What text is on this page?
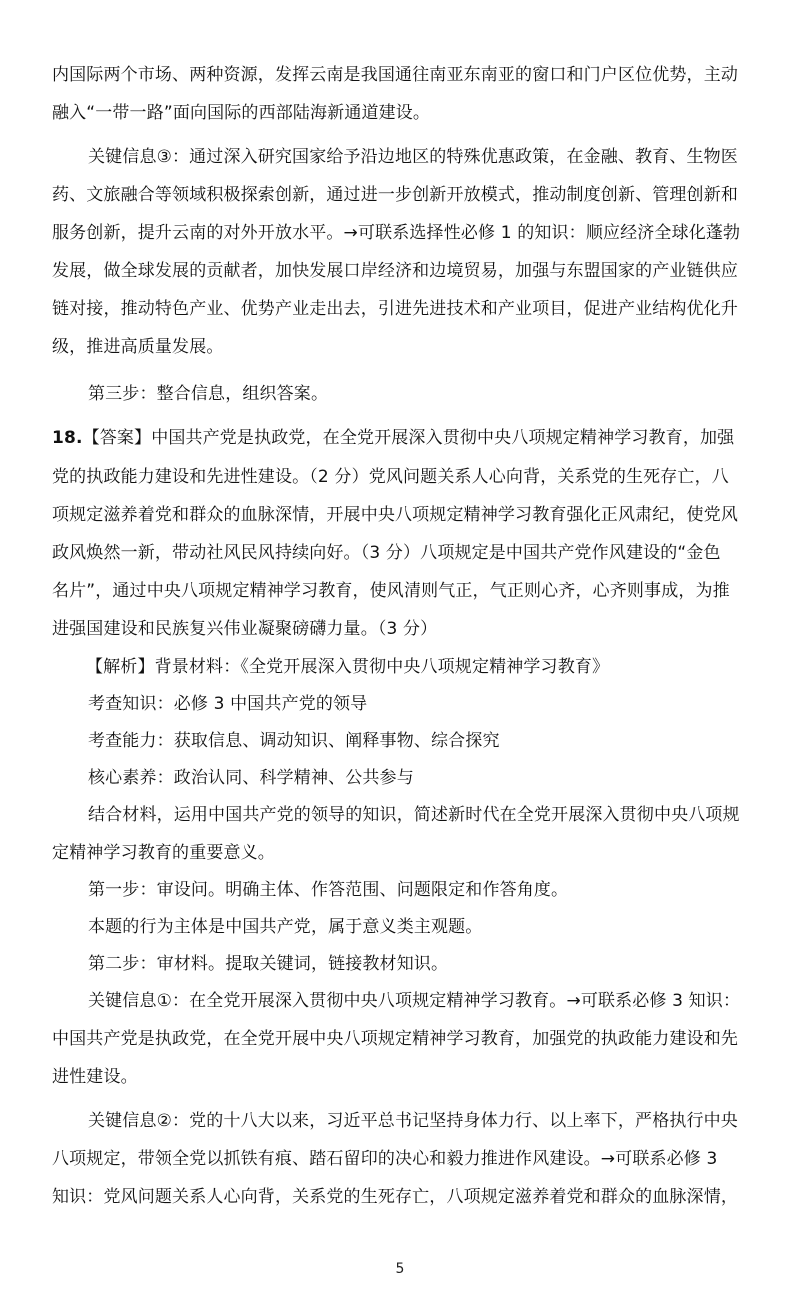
内国际两个市场、两种资源，发挥云南是我国通往南亚东南亚的窗口和门户区位优势，主动
融入“一带一路”面向国际的西部陆海新通道建设。
关键信息③：通过深入研究国家给予沿边地区的特殊优惠政策，在金融、教育、生物医
药、文旅融合等领域积极探索创新，通过进一步创新开放模式，推动制度创新、管理创新和
服务创新，提升云南的对外开放水平。→可联系选择性必修 1 的知识：顺应经济全球化蓬勃
发展，做全球发展的贡献者，加快发展口岸经济和边境贸易，加强与东盟国家的产业链供应
链对接，推动特色产业、优势产业走出去，引进先进技术和产业项目，促进产业结构优化升
级，推进高质量发展。
第三步：整合信息，组织答案。
18.【答案】中国共产党是执政党，在全党开展深入贯彻中央八项规定精神学习教育，加强
党的执政能力建设和先进性建设。（2 分）党风问题关系人心向背，关系党的生死存亡，八
项规定滋养着党和群众的血脉深情，开展中央八项规定精神学习教育强化正风肃纪，使党风
政风焕然一新，带动社风民风持续向好。（3 分）八项规定是中国共产党作风建设的“金色
名片”，通过中央八项规定精神学习教育，使风清则气正，气正则心齐，心齐则事成，为推
进强国建设和民族复兴伟业凝聚磅礴力量。（3 分）
【解析】背景材料：《全党开展深入贯彻中央八项规定精神学习教育》
考查知识：必修 3 中国共产党的领导
考查能力：获取信息、调动知识、阐释事物、综合探究
核心素养：政治认同、科学精神、公共参与
结合材料，运用中国共产党的领导的知识，简述新时代在全党开展深入贯彻中央八项规
定精神学习教育的重要意义。
第一步：审设问。明确主体、作答范围、问题限定和作答角度。
本题的行为主体是中国共产党，属于意义类主观题。
第二步：审材料。提取关键词，链接教材知识。
关键信息①：在全党开展深入贯彻中央八项规定精神学习教育。→可联系必修 3 知识：
中国共产党是执政党，在全党开展中央八项规定精神学习教育，加强党的执政能力建设和先
进性建设。
关键信息②：党的十八大以来，习近平总书记坚持身体力行、以上率下，严格执行中央
八项规定，带领全党以抓铁有痕、踏石留印的决心和毅力推进作风建设。→可联系必修 3
知识：党风问题关系人心向背，关系党的生死存亡，八项规定滋养着党和群众的血脉深情，
5
